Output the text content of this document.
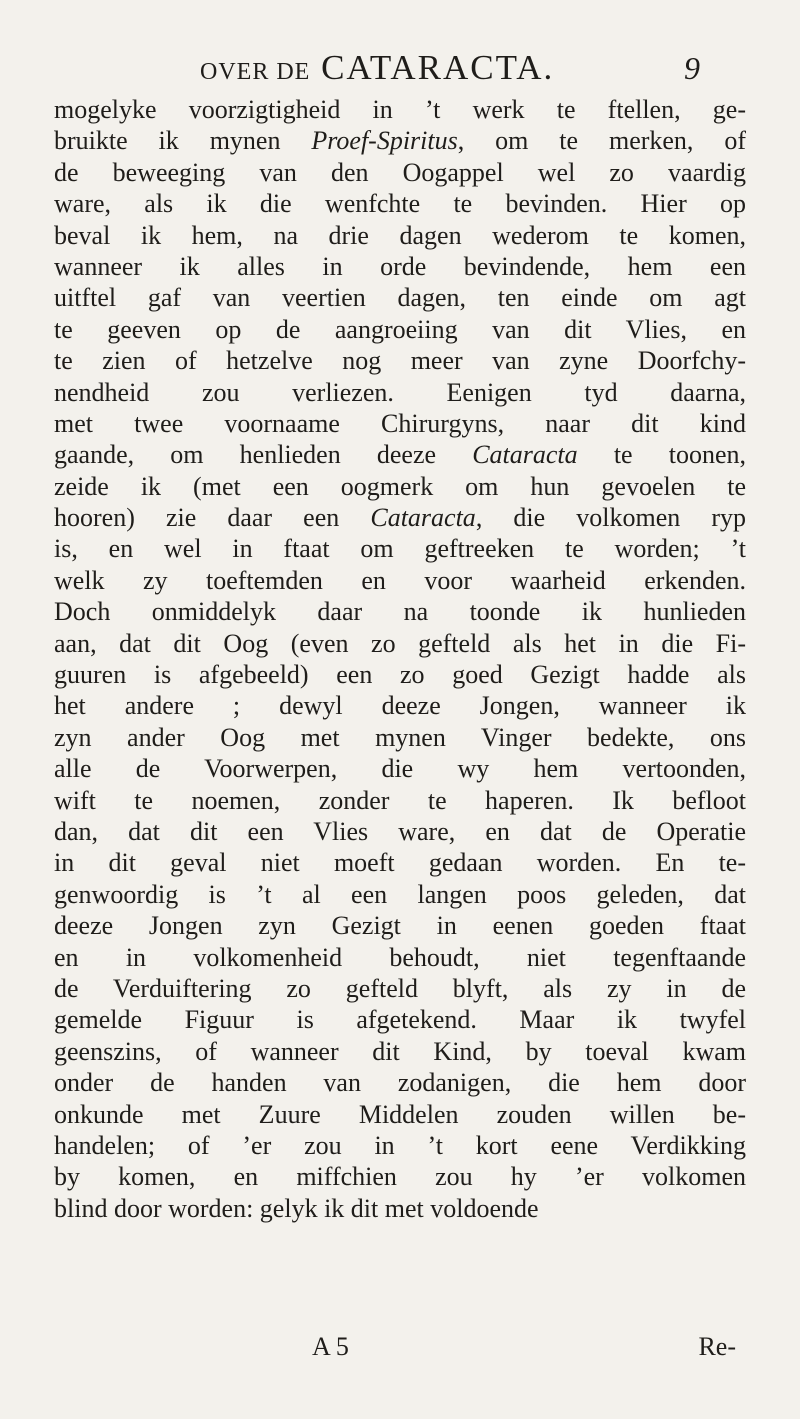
OVER DE CATARACTA.	9
mogelyke voorzigtigheid in ’t werk te ftellen, ge-
bruikte ik mynen Proef-Spiritus, om te merken, of
de beweeging van den Oogappel wel zo vaardig
ware, als ik die wenfchte te bevinden. Hier op
beval ik hem, na drie dagen wederom te komen,
wanneer ik alles in orde bevindende, hem een
uitftel gaf van veertien dagen, ten einde om agt
te geeven op de aangroeiing van dit Vlies, en
te zien of hetzelve nog meer van zyne Doorfchy-
nendheid zou verliezen. Eenigen tyd daarna,
met twee voornaame Chirurgyns, naar dit kind
gaande, om henlieden deeze Cataracta te toonen,
zeide ik (met een oogmerk om hun gevoelen te
hooren) zie daar een Cataracta, die volkomen ryp
is, en wel in ftaat om geftreeken te worden; ’t
welk zy toeftemden en voor waarheid erkenden.
Doch onmiddelyk daar na toonde ik hunlieden
aan, dat dit Oog (even zo gefteld als het in die Fi-
guuren is afgebeeld) een zo goed Gezigt hadde als
het andere ; dewyl deeze Jongen, wanneer ik
zyn ander Oog met mynen Vinger bedekte, ons
alle de Voorwerpen, die wy hem vertoonden,
wift te noemen, zonder te haperen. Ik befloot
dan, dat dit een Vlies ware, en dat de Operatie
in dit geval niet moeft gedaan worden. En te-
genwoordig is ’t al een langen poos geleden, dat
deeze Jongen zyn Gezigt in eenen goeden ftaat
en in volkomenheid behoudt, niet tegenftaande
de Verduiftering zo gefteld blyft, als zy in de
gemelde Figuur is afgetekend. Maar ik twyfel
geenszins, of wanneer dit Kind, by toeval kwam
onder de handen van zodanigen, die hem door
onkunde met Zuure Middelen zouden willen be-
handelen; of ’er zou in ’t kort eene Verdikking
by komen, en miffchien zou hy ’er volkomen
blind door worden: gelyk ik dit met voldoende
A 5	Re-
